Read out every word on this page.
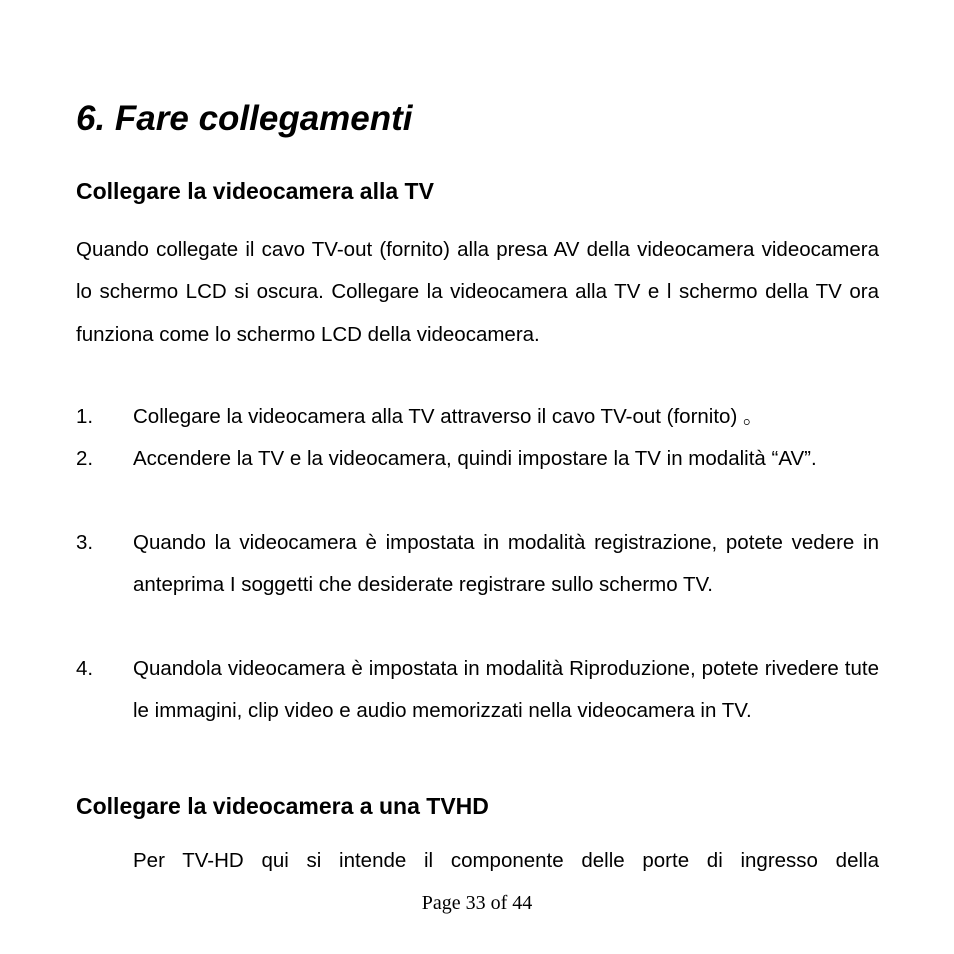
6. Fare collegamenti
Collegare la videocamera alla TV

Quando collegate il cavo TV-out (fornito) alla presa AV della videocamera videocamera lo schermo LCD si oscura. Collegare la videocamera alla TV e l schermo della TV ora funziona come lo schermo LCD della videocamera.

1. Collegare la videocamera alla TV attraverso il cavo TV-out (fornito) 。

2. Accendere la TV e la videocamera, quindi impostare la TV in modalità “AV”.

3. Quando la videocamera è impostata in modalità registrazione, potete vedere in anteprima I soggetti che desiderate registrare sullo schermo TV.

4. Quandola videocamera è impostata in modalità Riproduzione, potete rivedere tute le immagini, clip video e audio memorizzati nella videocamera in TV.

Collegare la videocamera a una TVHD

Per TV-HD qui si intende il componente delle porte di ingresso della

Page 33 of 44
